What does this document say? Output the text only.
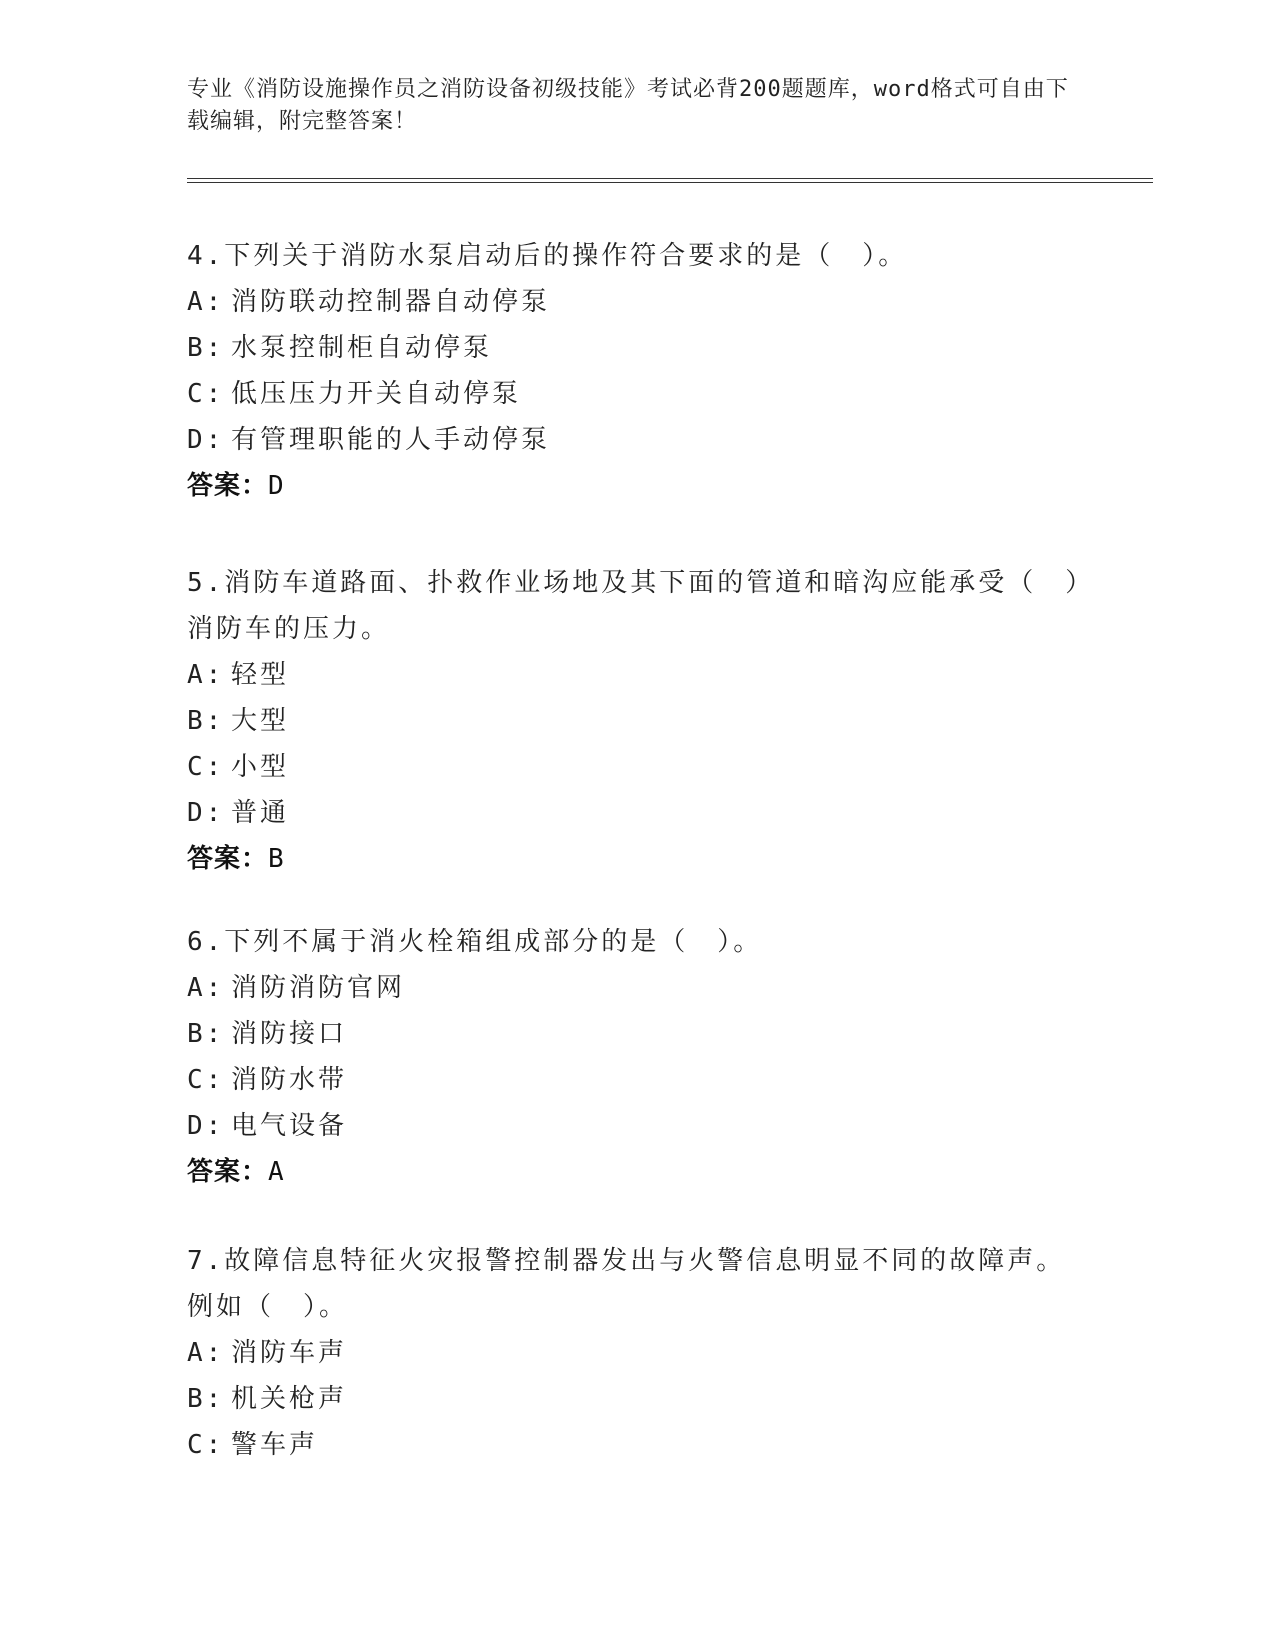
专业《消防设施操作员之消防设备初级技能》考试必背200题题库，word格式可自由下载编辑，附完整答案！
4.下列关于消防水泵启动后的操作符合要求的是（　）。
A: 消防联动控制器自动停泵
B: 水泵控制柜自动停泵
C: 低压压力开关自动停泵
D: 有管理职能的人手动停泵
答案：D
5.消防车道路面、扑救作业场地及其下面的管道和暗沟应能承受（　）消防车的压力。
A: 轻型
B: 大型
C: 小型
D: 普通
答案：B
6.下列不属于消火栓箱组成部分的是（　）。
A: 消防消防官网
B: 消防接口
C: 消防水带
D: 电气设备
答案：A
7.故障信息特征火灾报警控制器发出与火警信息明显不同的故障声。例如（　）。
A: 消防车声
B: 机关枪声
C: 警车声
